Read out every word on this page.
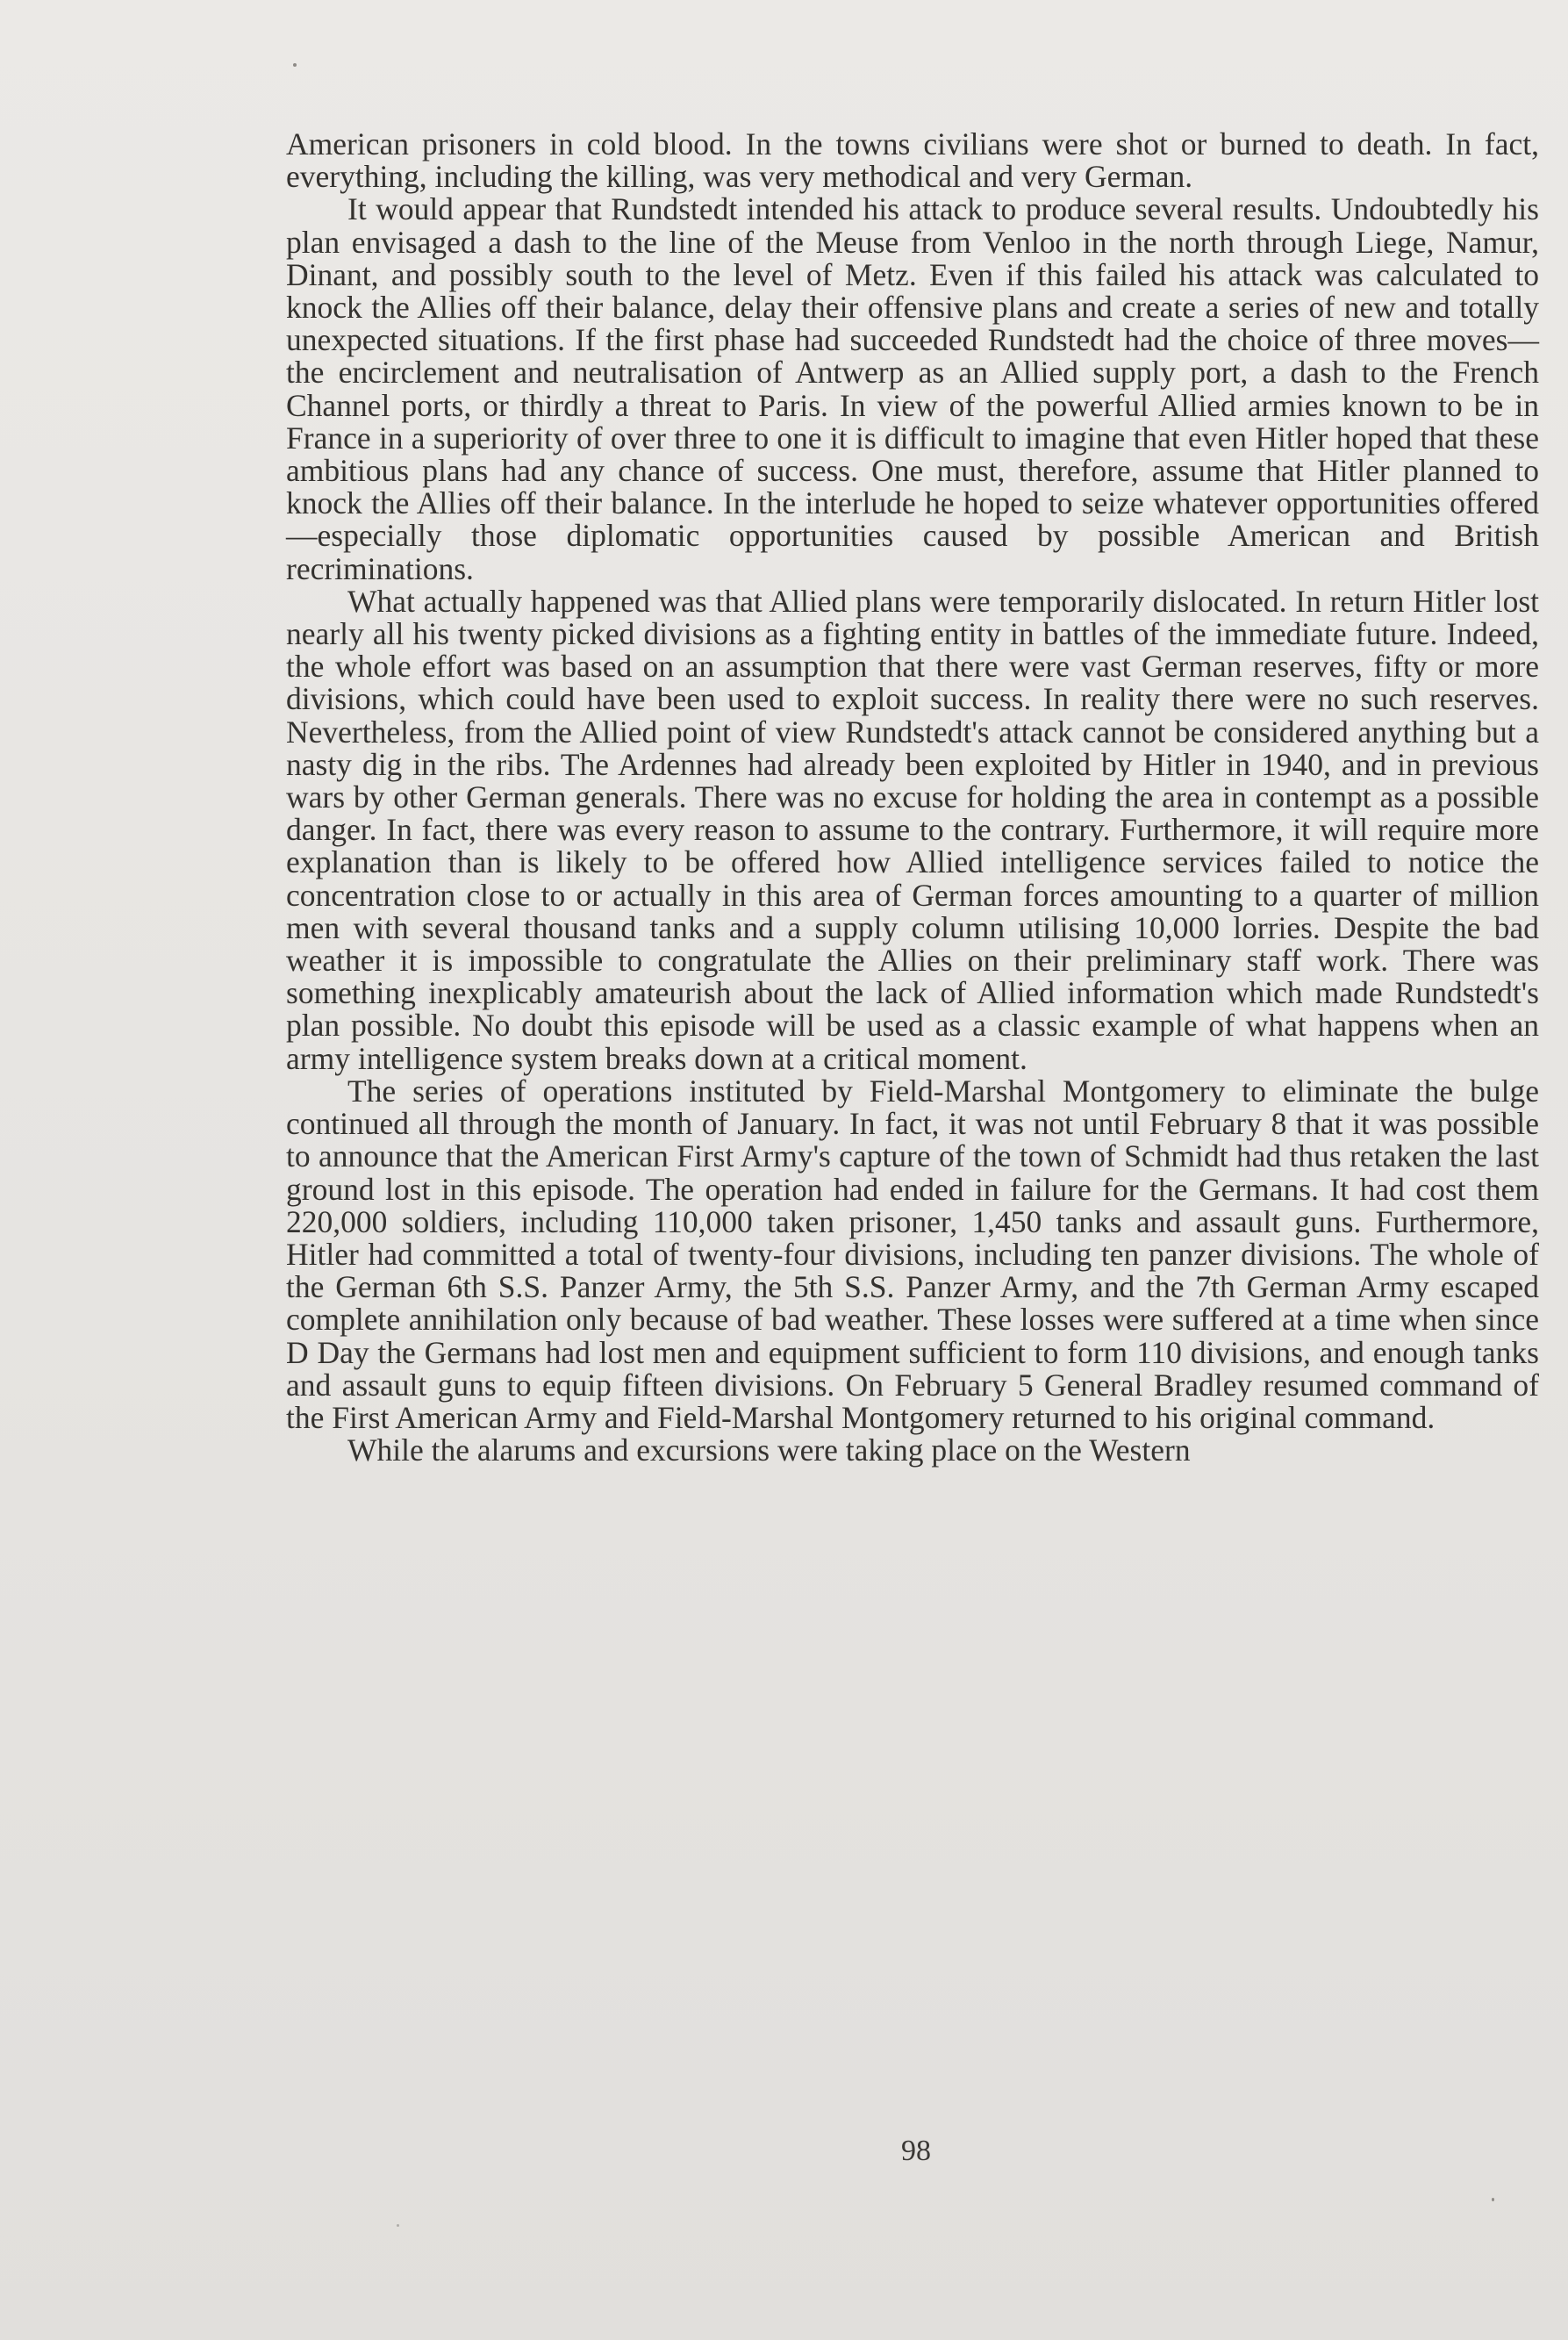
American prisoners in cold blood. In the towns civilians were shot or burned to death. In fact, everything, including the killing, was very methodical and very German.

It would appear that Rundstedt intended his attack to produce several results. Undoubtedly his plan envisaged a dash to the line of the Meuse from Venloo in the north through Liege, Namur, Dinant, and possibly south to the level of Metz. Even if this failed his attack was calculated to knock the Allies off their balance, delay their offensive plans and create a series of new and totally unexpected situations. If the first phase had succeeded Rundstedt had the choice of three moves—the encirclement and neutralisation of Antwerp as an Allied supply port, a dash to the French Channel ports, or thirdly a threat to Paris. In view of the powerful Allied armies known to be in France in a superiority of over three to one it is difficult to imagine that even Hitler hoped that these ambitious plans had any chance of success. One must, therefore, assume that Hitler planned to knock the Allies off their balance. In the interlude he hoped to seize whatever opportunities offered—especially those diplomatic opportunities caused by possible American and British recriminations.

What actually happened was that Allied plans were temporarily dislocated. In return Hitler lost nearly all his twenty picked divisions as a fighting entity in battles of the immediate future. Indeed, the whole effort was based on an assumption that there were vast German reserves, fifty or more divisions, which could have been used to exploit success. In reality there were no such reserves. Nevertheless, from the Allied point of view Rundstedt's attack cannot be considered anything but a nasty dig in the ribs. The Ardennes had already been exploited by Hitler in 1940, and in previous wars by other German generals. There was no excuse for holding the area in contempt as a possible danger. In fact, there was every reason to assume to the contrary. Furthermore, it will require more explanation than is likely to be offered how Allied intelligence services failed to notice the concentration close to or actually in this area of German forces amounting to a quarter of million men with several thousand tanks and a supply column utilising 10,000 lorries. Despite the bad weather it is impossible to congratulate the Allies on their preliminary staff work. There was something inexplicably amateurish about the lack of Allied information which made Rundstedt's plan possible. No doubt this episode will be used as a classic example of what happens when an army intelligence system breaks down at a critical moment.

The series of operations instituted by Field-Marshal Montgomery to eliminate the bulge continued all through the month of January. In fact, it was not until February 8 that it was possible to announce that the American First Army's capture of the town of Schmidt had thus retaken the last ground lost in this episode. The operation had ended in failure for the Germans. It had cost them 220,000 soldiers, including 110,000 taken prisoner, 1,450 tanks and assault guns. Furthermore, Hitler had committed a total of twenty-four divisions, including ten panzer divisions. The whole of the German 6th S.S. Panzer Army, the 5th S.S. Panzer Army, and the 7th German Army escaped complete annihilation only because of bad weather. These losses were suffered at a time when since D Day the Germans had lost men and equipment sufficient to form 110 divisions, and enough tanks and assault guns to equip fifteen divisions. On February 5 General Bradley resumed command of the First American Army and Field-Marshal Montgomery returned to his original command.

While the alarums and excursions were taking place on the Western

98
